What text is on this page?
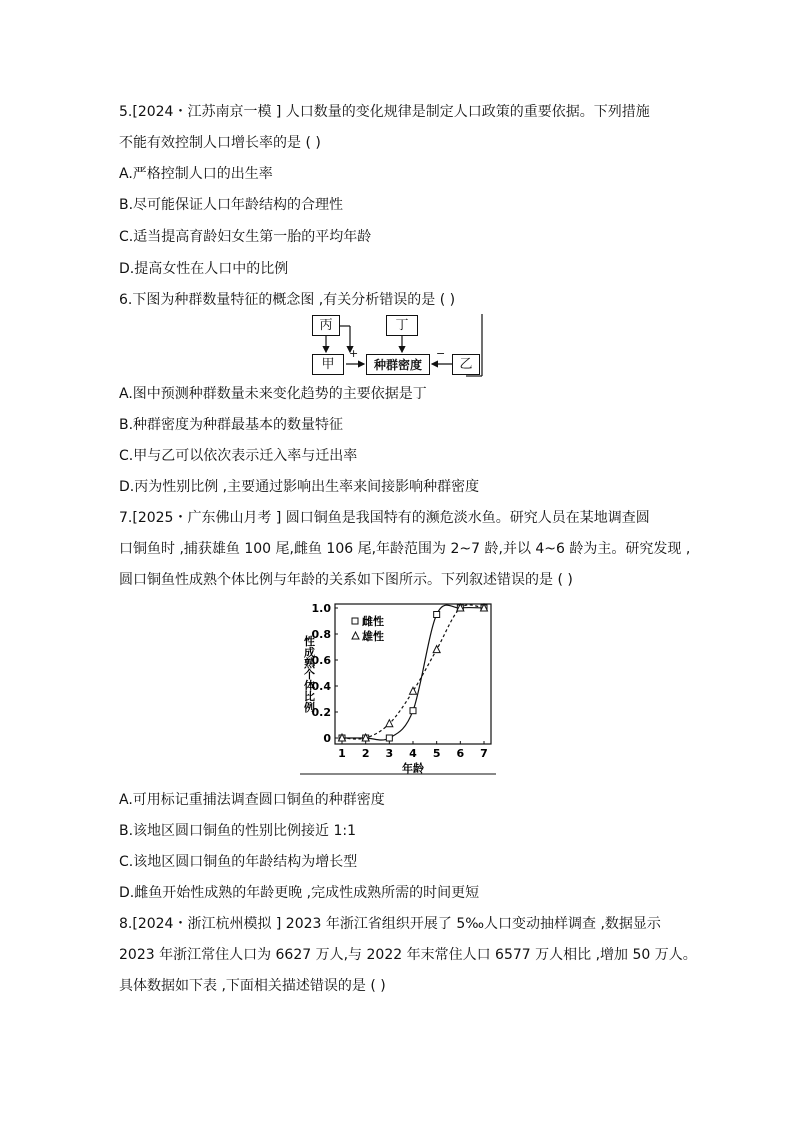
5.[2024・江苏南京一模 ] 人口数量的变化规律是制定人口政策的重要依据。下列措施
不能有效控制人口增长率的是 ( )
A.严格控制人口的出生率
B.尽可能保证人口年龄结构的合理性
C.适当提高育龄妇女生第一胎的平均年龄
D.提高女性在人口中的比例
6.下图为种群数量特征的概念图 ,有关分析错误的是 ( )
丙	丁
甲	种群密度	乙
+	−
A.图中预测种群数量未来变化趋势的主要依据是丁
B.种群密度为种群最基本的数量特征
C.甲与乙可以依次表示迁入率与迁出率
D.丙为性别比例 ,主要通过影响出生率来间接影响种群密度
7.[2025・广东佛山月考 ] 圆口铜鱼是我国特有的濒危淡水鱼。研究人员在某地调查圆
口铜鱼时 ,捕获雄鱼 100 尾,雌鱼 106 尾,年龄范围为 2~7 龄,并以 4~6 龄为主。研究发现 ,
圆口铜鱼性成熟个体比例与年龄的关系如下图所示。下列叙述错误的是 ( )
性成熟个体比例
年龄
雌性
雄性
1 2 3 4 5 6 7
0
0.2
0.4
0.6
0.8
1.0
A.可用标记重捕法调查圆口铜鱼的种群密度
B.该地区圆口铜鱼的性别比例接近 1:1
C.该地区圆口铜鱼的年龄结构为增长型
D.雌鱼开始性成熟的年龄更晚 ,完成性成熟所需的时间更短
8.[2024・浙江杭州模拟 ] 2023 年浙江省组织开展了 5‰人口变动抽样调查 ,数据显示
2023 年浙江常住人口为 6627 万人,与 2022 年末常住人口 6577 万人相比 ,增加 50 万人。
具体数据如下表 ,下面相关描述错误的是 ( )
